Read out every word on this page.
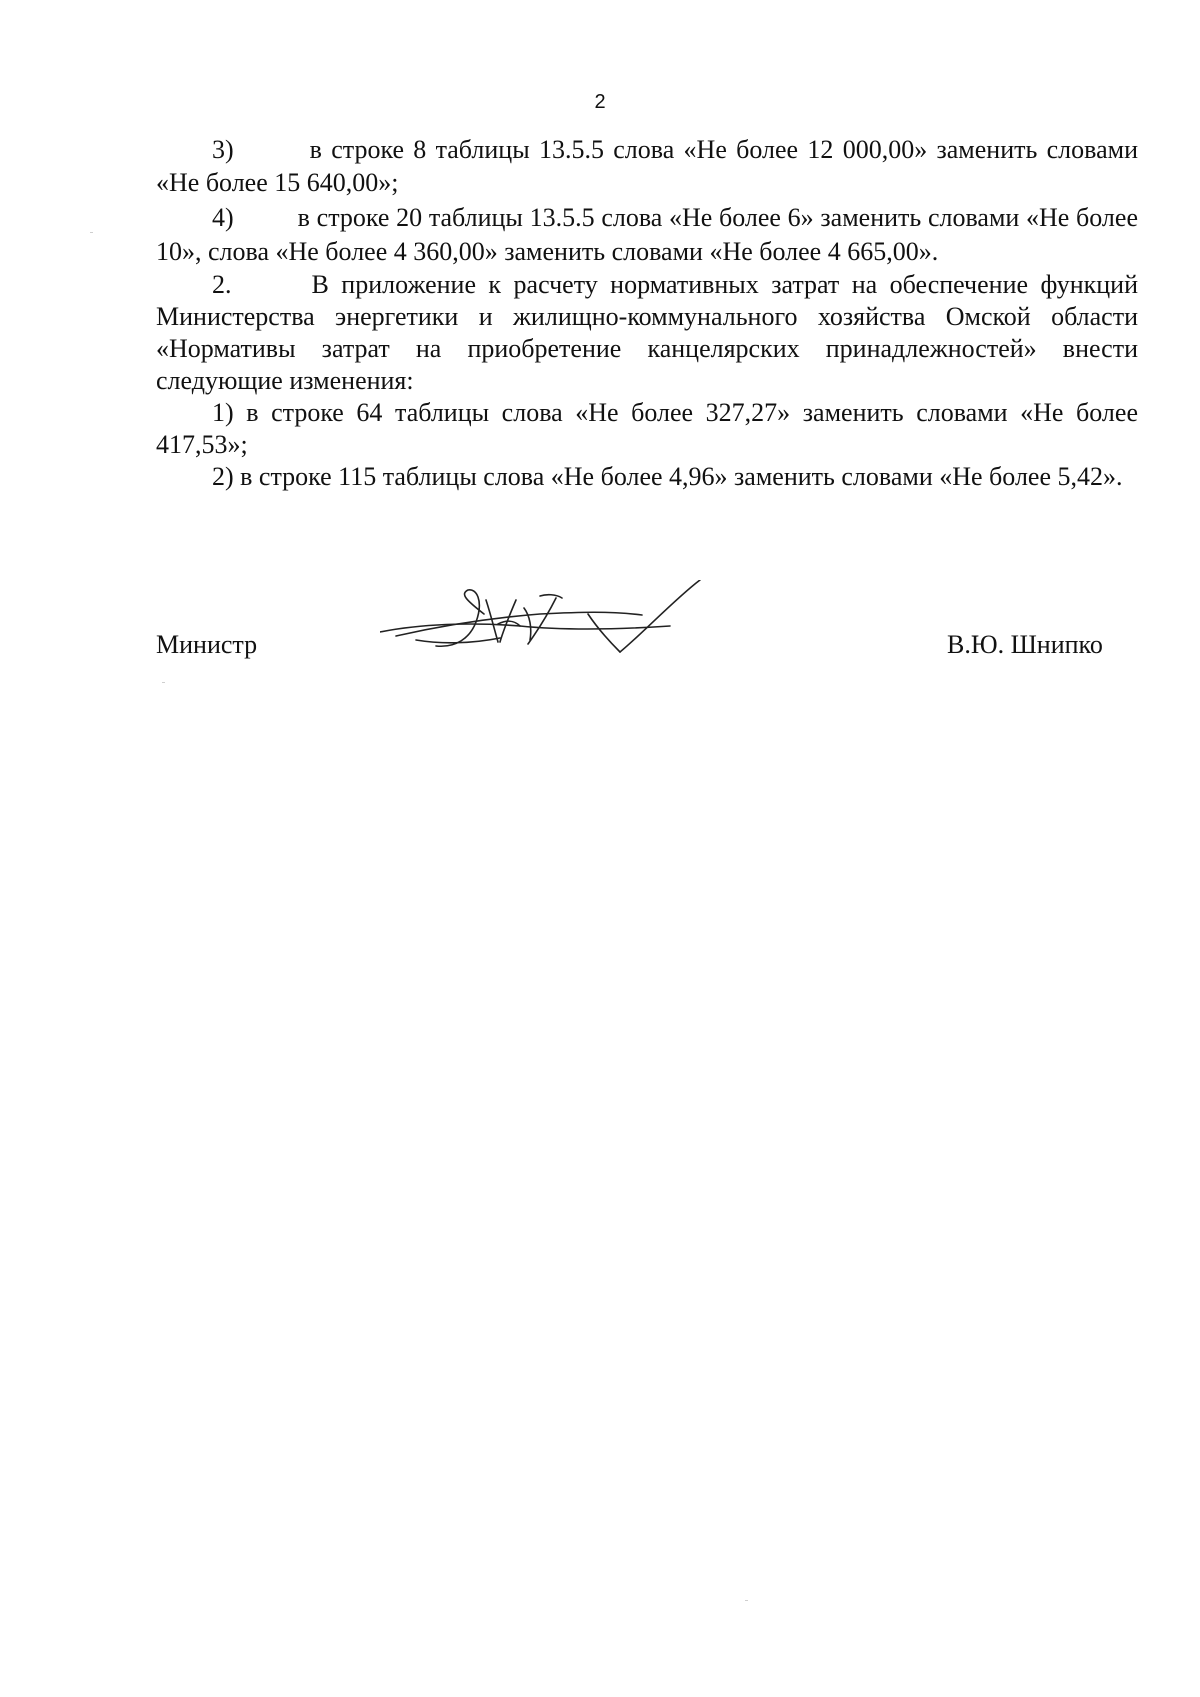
2

3)	в строке 8 таблицы 13.5.5 слова «Не более 12 000,00» заменить словами «Не более 15 640,00»;

4) в строке 20 таблицы 13.5.5 слова «Не более 6» заменить словами «Не более 10», слова «Не более 4 360,00» заменить словами «Не более 4 665,00».

2.	В приложение к расчету нормативных затрат на обеспечение функций Министерства энергетики и жилищно-коммунального хозяйства Омской области «Нормативы затрат на приобретение канцелярских принадлежностей» внести следующие изменения:

1) в строке 64 таблицы слова «Не более 327,27» заменить словами «Не более 417,53»;

2) в строке 115 таблицы слова «Не более 4,96» заменить словами «Не более 5,42».

Министр	В.Ю. Шнипко
